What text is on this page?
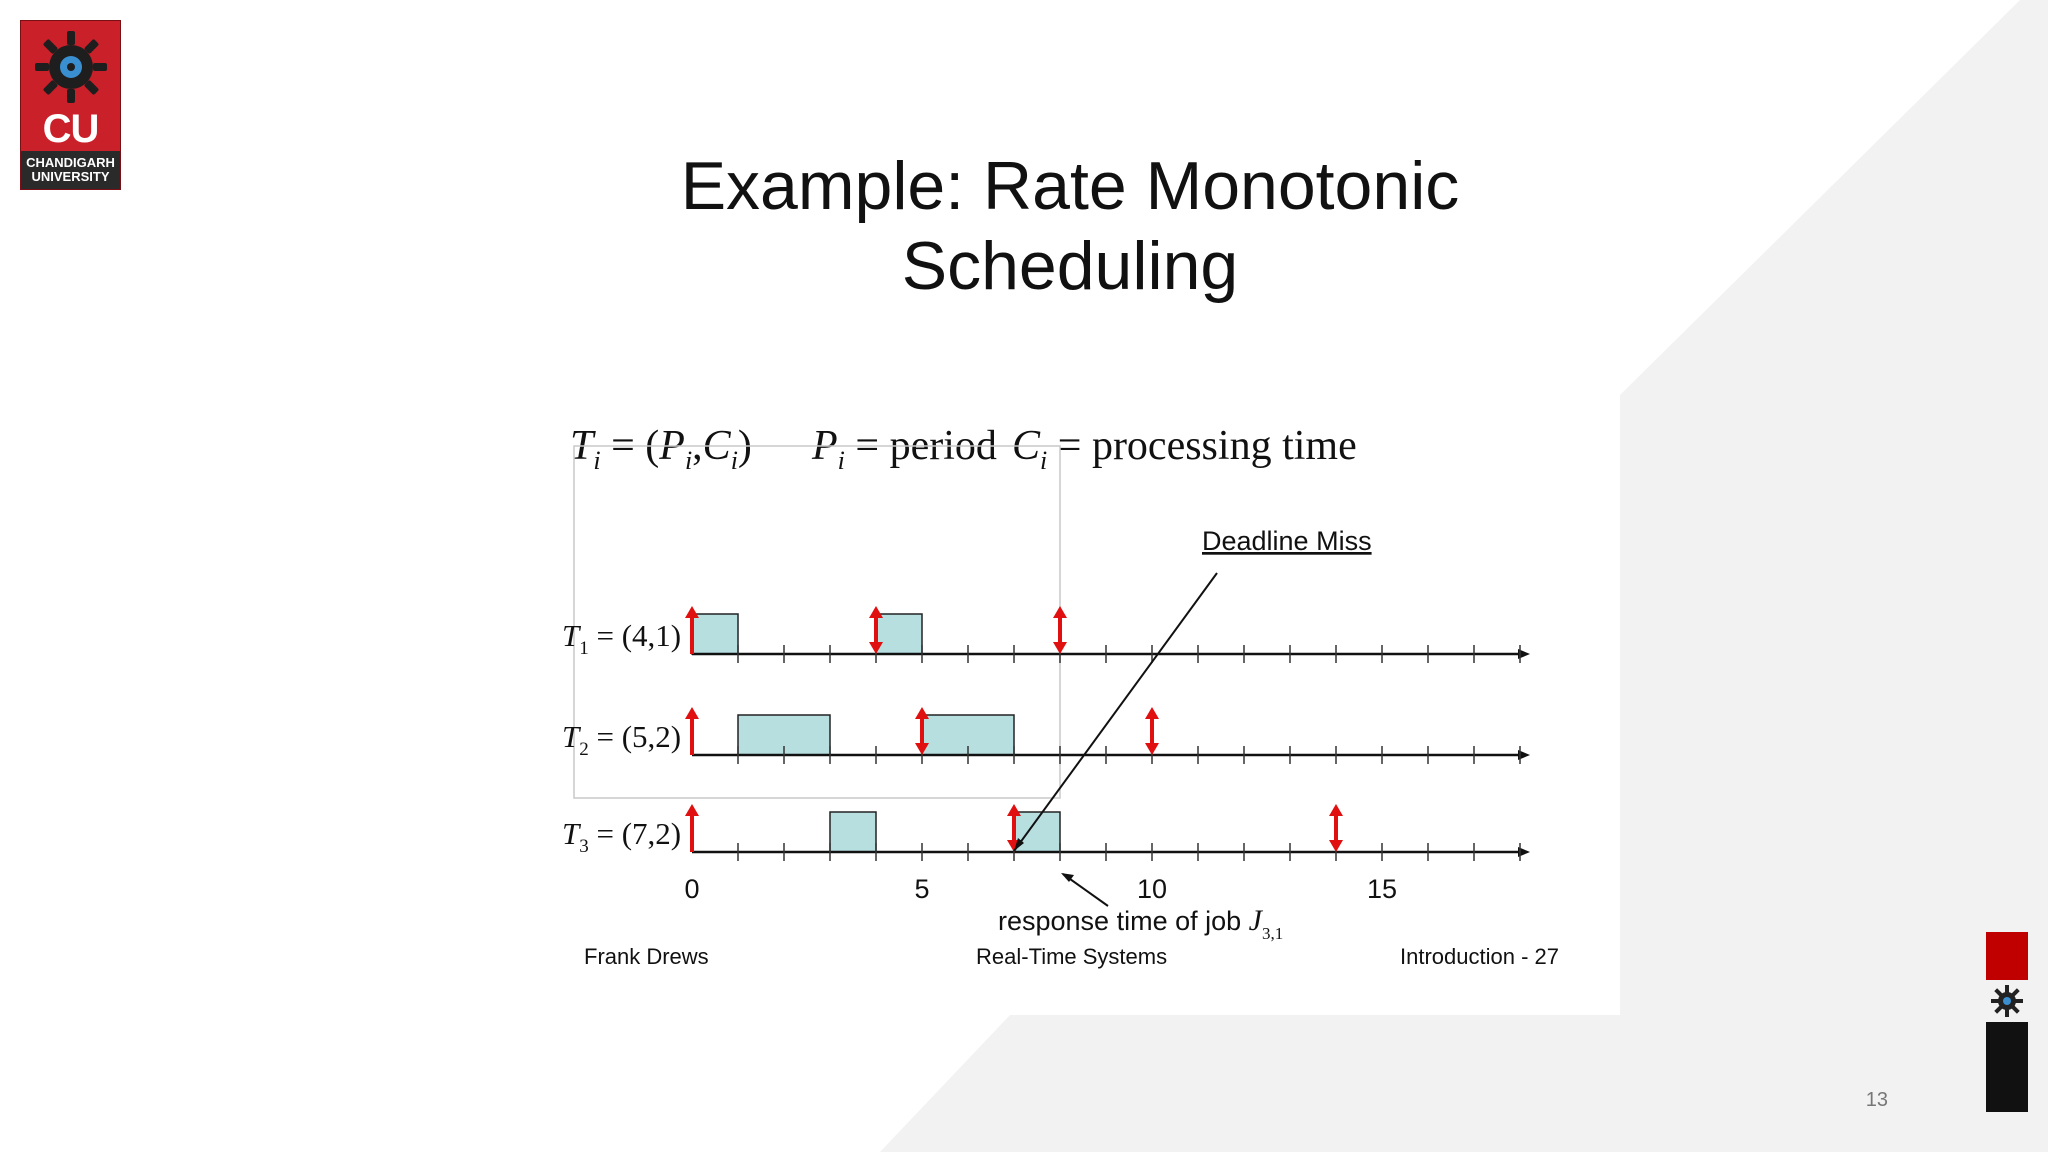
CU
CHANDIGARH
UNIVERSITY	Example: Rate Monotonic
Scheduling
$T_i = (P_i,C_i) P_i$ = period $C_i$ = processing time
Deadline Miss
$T_1 = (4,1)$
$T_2 = (5,2)$
$T_3 = (7,2)$
0	5	10	15
response time of job $J_{3,1}$
Frank Drews	Real-Time Systems	Introduction - 27
13
